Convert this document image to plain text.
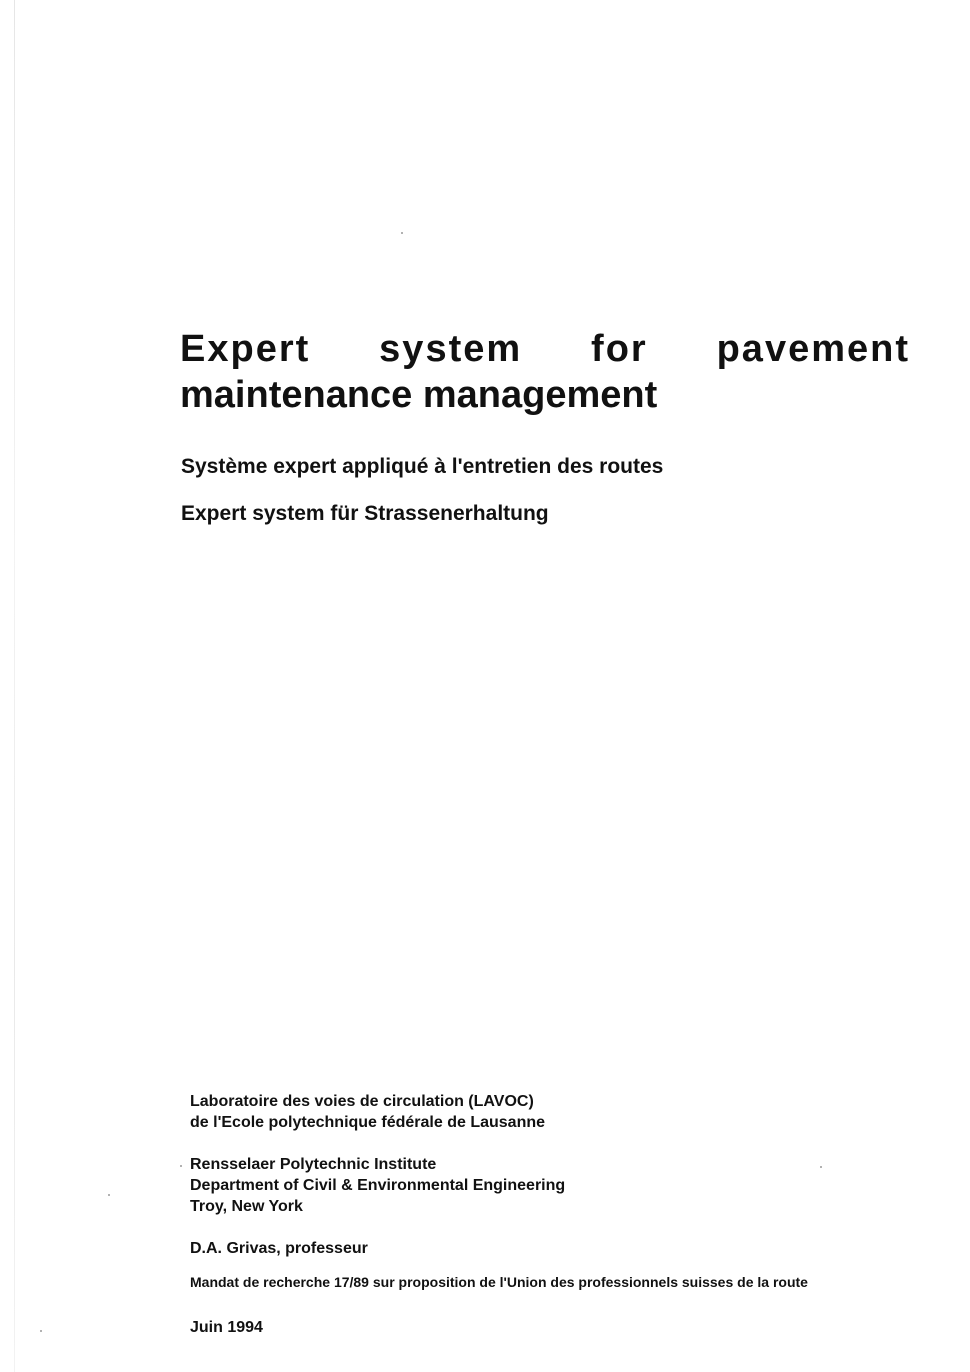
Expert system for pavement
maintenance management

Système expert appliqué à l'entretien des routes

Expert system für Strassenerhaltung

Laboratoire des voies de circulation (LAVOC)
de l'Ecole polytechnique fédérale de Lausanne
Rensselaer Polytechnic Institute
Department of Civil & Environmental Engineering
Troy, New York

D.A. Grivas, professeur

Mandat de recherche 17/89 sur proposition de l'Union des professionnels suisses de la route

Juin 1994
